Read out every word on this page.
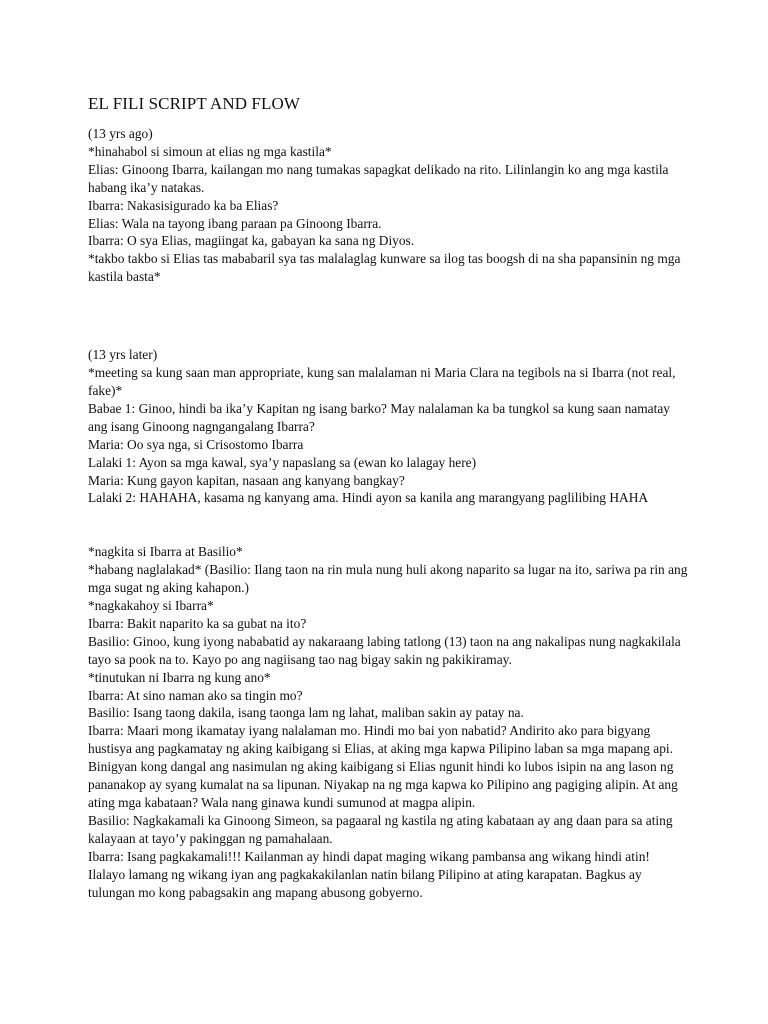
EL FILI SCRIPT AND FLOW

(13 yrs ago)

*hinahabol si simoun at elias ng mga kastila*

Elias: Ginoong Ibarra, kailangan mo nang tumakas sapagkat delikado na rito. Lilinlangin ko ang mga kastila habang ika’y natakas.

Ibarra: Nakasisigurado ka ba Elias?

Elias: Wala na tayong ibang paraan pa Ginoong Ibarra.

Ibarra: O sya Elias, magiingat ka, gabayan ka sana ng Diyos.

*takbo takbo si Elias tas mababaril sya tas malalaglag kunware sa ilog tas boogsh di na sha papansinin ng mga kastila basta*

(13 yrs later)

*meeting sa kung saan man appropriate, kung san malalaman ni Maria Clara na tegibols na si Ibarra (not real, fake)*

Babae 1: Ginoo, hindi ba ika’y Kapitan ng isang barko? May nalalaman ka ba tungkol sa kung saan namatay ang isang Ginoong nagngangalang Ibarra?

Maria: Oo sya nga, si Crisostomo Ibarra

Lalaki 1: Ayon sa mga kawal, sya’y napaslang sa (ewan ko lalagay here)

Maria: Kung gayon kapitan, nasaan ang kanyang bangkay?

Lalaki 2: HAHAHA, kasama ng kanyang ama. Hindi ayon sa kanila ang marangyang paglilibing HAHA

*nagkita si Ibarra at Basilio*

*habang naglalakad* (Basilio: Ilang taon na rin mula nung huli akong naparito sa lugar na ito, sariwa pa rin ang mga sugat ng aking kahapon.)

*nagkakahoy si Ibarra*

Ibarra: Bakit naparito ka sa gubat na ito?

Basilio: Ginoo, kung iyong nababatid ay nakaraang labing tatlong (13) taon na ang nakalipas nung nagkakilala tayo sa pook na to. Kayo po ang nagiisang tao nag bigay sakin ng pakikiramay.

*tinutukan ni Ibarra ng kung ano*

Ibarra: At sino naman ako sa tingin mo?

Basilio: Isang taong dakila, isang taonga lam ng lahat, maliban sakin ay patay na.

Ibarra: Maari mong ikamatay iyang nalalaman mo. Hindi mo bai yon nabatid? Andirito ako para bigyang hustisya ang pagkamatay ng aking kaibigang si Elias, at aking mga kapwa Pilipino laban sa mga mapang api. Binigyan kong dangal ang nasimulan ng aking kaibigang si Elias ngunit hindi ko lubos isipin na ang lason ng pananakop ay syang kumalat na sa lipunan. Niyakap na ng mga kapwa ko Pilipino ang pagiging alipin. At ang ating mga kabataan? Wala nang ginawa kundi sumunod at magpa alipin.

Basilio: Nagkakamali ka Ginoong Simeon, sa pagaaral ng kastila ng ating kabataan ay ang daan para sa ating kalayaan at tayo’y pakinggan ng pamahalaan.

Ibarra: Isang pagkakamali!!! Kailanman ay hindi dapat maging wikang pambansa ang wikang hindi atin! Ilalayo lamang ng wikang iyan ang pagkakakilanlan natin bilang Pilipino at ating karapatan. Bagkus ay tulungan mo kong pabagsakin ang mapang abusong gobyerno.
